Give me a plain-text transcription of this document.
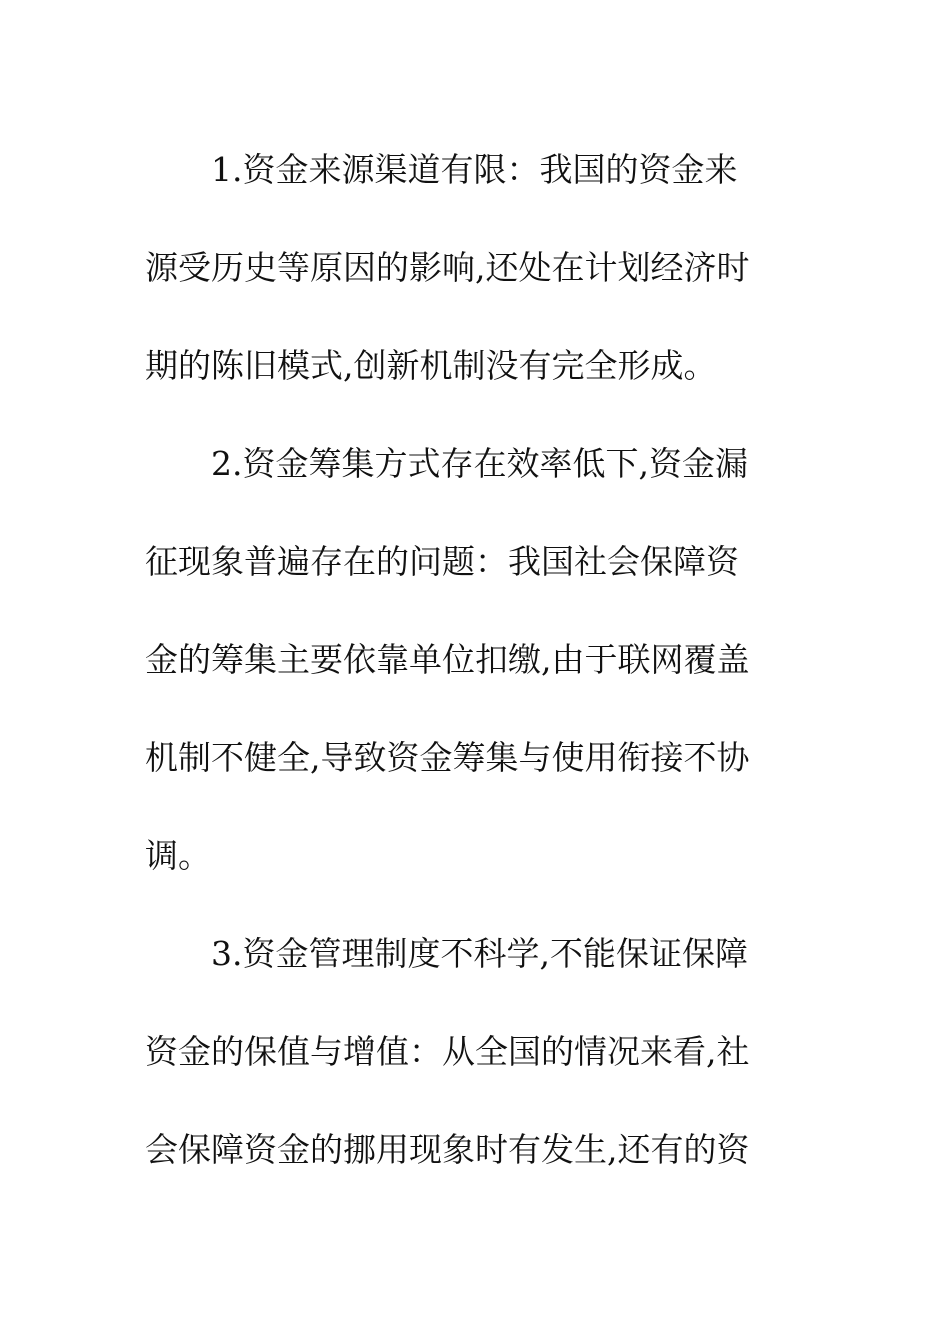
1.资金来源渠道有限：我国的资金来
源受历史等原因的影响,还处在计划经济时
期的陈旧模式,创新机制没有完全形成。
2.资金筹集方式存在效率低下,资金漏
征现象普遍存在的问题：我国社会保障资
金的筹集主要依靠单位扣缴,由于联网覆盖
机制不健全,导致资金筹集与使用衔接不协
调。
3.资金管理制度不科学,不能保证保障
资金的保值与增值：从全国的情况来看,社
会保障资金的挪用现象时有发生,还有的资
